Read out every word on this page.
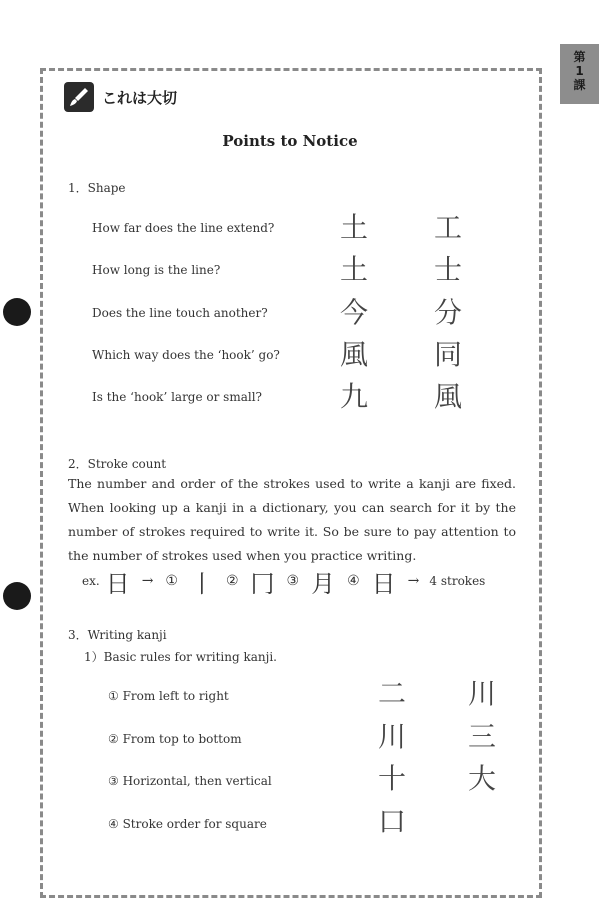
第
1
課
これは大切
Points to Notice
1．Shape
How far does the line extend? 土 工
How long is the line?	土 士
Does the line touch another?	今 分
Which way does the ‘hook’ go? 風 同
Is the ‘hook’ large or small?	九 風
2．Stroke count
The number and order of the strokes used to write a kanji are fixed. When looking up a kanji in a dictionary, you can search for it by the number of strokes required to write it. So be sure to pay attention to the number of strokes used when you practice writing.
ex. 日 → ① 丨 ② 冂 ③ 月 ④ 日 → 4 strokes
3．Writing kanji
1）Basic rules for writing kanji.
① From left to right	二 川
② From top to bottom	川 三
③ Horizontal, then vertical	十 大
④ Stroke order for square	口
